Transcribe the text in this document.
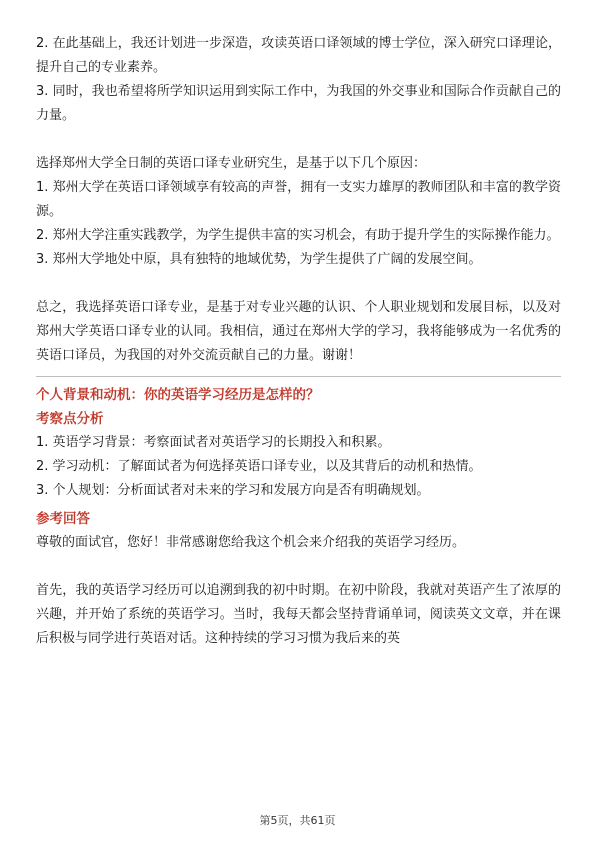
2. 在此基础上，我还计划进一步深造，攻读英语口译领域的博士学位，深入研究口译理论，提升自己的专业素养。

3. 同时，我也希望将所学知识运用到实际工作中，为我国的外交事业和国际合作贡献自己的力量。

选择郑州大学全日制的英语口译专业研究生，是基于以下几个原因：

1. 郑州大学在英语口译领域享有较高的声誉，拥有一支实力雄厚的教师团队和丰富的教学资源。

2. 郑州大学注重实践教学，为学生提供丰富的实习机会，有助于提升学生的实际操作能力。

3. 郑州大学地处中原，具有独特的地域优势，为学生提供了广阔的发展空间。

总之，我选择英语口译专业，是基于对专业兴趣的认识、个人职业规划和发展目标，以及对郑州大学英语口译专业的认同。我相信，通过在郑州大学的学习，我将能够成为一名优秀的英语口译员，为我国的对外交流贡献自己的力量。谢谢！

个人背景和动机：你的英语学习经历是怎样的？

考察点分析

1. 英语学习背景：考察面试者对英语学习的长期投入和积累。

2. 学习动机：了解面试者为何选择英语口译专业，以及其背后的动机和热情。

3. 个人规划：分析面试者对未来的学习和发展方向是否有明确规划。

参考回答

尊敬的面试官，您好！非常感谢您给我这个机会来介绍我的英语学习经历。

首先，我的英语学习经历可以追溯到我的初中时期。在初中阶段，我就对英语产生了浓厚的兴趣，并开始了系统的英语学习。当时，我每天都会坚持背诵单词，阅读英文文章，并在课后积极与同学进行英语对话。这种持续的学习习惯为我后来的英

第5页，共61页
